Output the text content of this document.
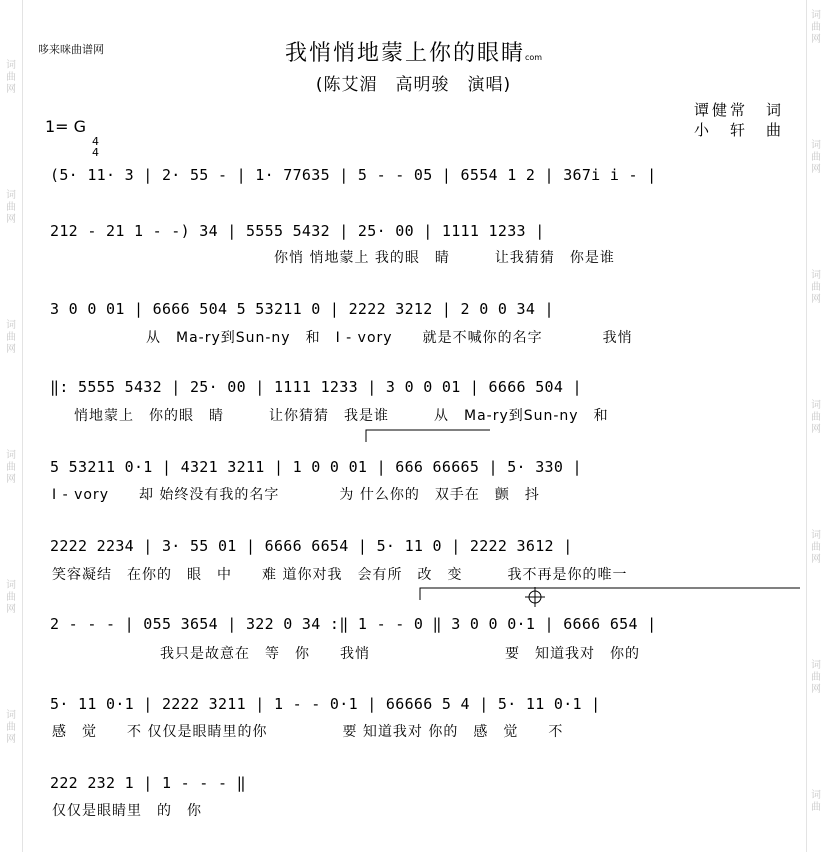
词
曲
网
词
曲
网
词
曲
网
词
曲
网
词
曲
网
词
曲
网
词
曲
网
词
曲
网
词
曲
网
词
曲
网
词
曲
网
词
曲
网
词
曲
哆来咪曲谱网	我悄悄地蒙上你的眼睛com
(陈艾湄　高明骏　演唱)
谭健常　词
小　轩　曲
1= G

4
4

(5· 11· 3 | 2· 55 - | 1· 77635 | 5 - - 05 | 6554 1 2 | 367i i - |
212 - 21 1 - -) 34 | 5555 5432 | 25· 00 | 1111 1233 |
你悄 悄地蒙上 我的眼　睛　　　让我猜猜　你是谁
3 0 0 01 | 6666 504 5 53211 0 | 2222 3212 | 2 0 0 34 |
从　Ma-ry到Sun-ny　和　I - vory　　就是不喊你的名字　　　　我悄
‖: 5555 5432 | 25· 00 | 1111 1233 | 3 0 0 01 | 6666 504 |
悄地蒙上　你的眼　睛　　　让你猜猜　我是谁　　　从　Ma-ry到Sun-ny　和
5 53211 0·1 | 4321 3211 | 1 0 0 01 | 666 66665 | 5· 330 |
I - vory　　却 始终没有我的名字　　　　为 什么你的　双手在　颤　抖
2222 2234 | 3· 55 01 | 6666 6654 | 5· 11 0 | 2222 3612 |
笑容凝结　在你的　眼　中　　难 道你对我　会有所　改　变　　　我不再是你的唯一
2 - - - | 055 3654 | 322 0 34 :‖ 1 - - 0 ‖ 3 0 0 0·1 | 6666 654 |
我只是故意在　等　你　　我悄　　　　　　　　　要　知道我对　你的
5· 11 0·1 | 2222 3211 | 1 - - 0·1 | 66666 5 4 | 5· 11 0·1 |
感　觉　　不 仅仅是眼睛里的你　　　　　要 知道我对 你的　感　觉　　不
222 232 1 | 1 - - - ‖
仅仅是眼睛里　的　你
